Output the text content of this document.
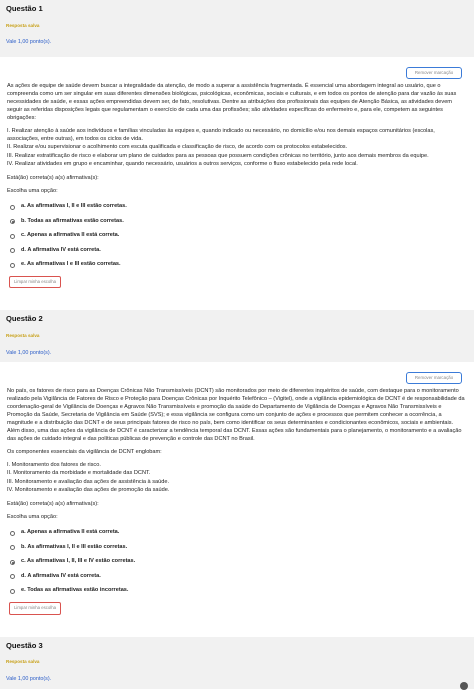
Questão 1
Resposta salva
Vale 1,00 ponto(s).
Remover marcação
As ações de equipe de saúde devem buscar a integralidade da atenção, de modo a superar a assistência fragmentada. É essencial uma abordagem integral ao usuário, que o compreenda como um ser singular em suas diferentes dimensões biológicas, psicológicas, econômicas, sociais e culturais, e em todos os pontos de atenção para dar vazão às suas necessidades de saúde, e essas ações empreendidas devem ser, de fato, resolutivas. Dentre as atribuições dos profissionais das equipes de Atenção Básica, as atividades devem seguir as referidas disposições legais que regulamentam o exercício de cada uma das profissões; são atividades específicas do enfermeiro e, para ele, competem as seguintes obrigações:
I. Realizar atenção à saúde aos indivíduos e famílias vinculadas às equipes e, quando indicado ou necessário, no domicílio e/ou nos demais espaços comunitários (escolas, associações, entre outras), em todos os ciclos de vida.
II. Realizar e/ou supervisionar o acolhimento com escuta qualificada e classificação de risco, de acordo com os protocolos estabelecidos.
III. Realizar estratificação de risco e elaborar um plano de cuidados para as pessoas que possuem condições crônicas no território, junto aos demais membros da equipe.
IV. Realizar atividades em grupo e encaminhar, quando necessário, usuários a outros serviços, conforme o fluxo estabelecido pela rede local.
Está(ão) correta(s) a(s) afirmativa(s):
Escolha uma opção:
a. As afirmativas I, II e III estão corretas.
b. Todas as afirmativas estão corretas.
c. Apenas a afirmativa II está correta.
d. A afirmativa IV está correta.
e. As afirmativas I e III estão corretas.
Limpar minha escolha
Questão 2
Resposta salva
Vale 1,00 ponto(s).
Remover marcação
No país, os fatores de risco para as Doenças Crônicas Não Transmissíveis (DCNT) são monitorados por meio de diferentes inquéritos de saúde, com destaque para o monitoramento realizado pela Vigilância de Fatores de Risco e Proteção para Doenças Crônicas por Inquérito Telefônico – (Vigitel), onde a vigilância epidemiológica de DCNT é de responsabilidade da coordenação-geral de Vigilância de Doenças e Agravos Não Transmissíveis e promoção da saúde do Departamento de Vigilância de Doenças e Agravos Não Transmissíveis e Promoção da Saúde, Secretaria de Vigilância em Saúde (SVS); e essa vigilância se configura como um conjunto de ações e processos que permitem conhecer a ocorrência, a magnitude e a distribuição das DCNT e de seus principais fatores de risco no país, bem como identificar os seus determinantes e condicionantes econômicos, sociais e ambientais. Além disso, uma das ações da vigilância de DCNT é caracterizar a tendência temporal das DCNT. Essas ações são fundamentais para o planejamento, o monitoramento e a avaliação das ações de cuidado integral e das políticas públicas de prevenção e controle das DCNT no Brasil.
Os componentes essenciais da vigilância de DCNT englobam:
I. Monitoramento dos fatores de risco.
II. Monitoramento da morbidade e mortalidade das DCNT.
III. Monitoramento e avaliação das ações de assistência à saúde.
IV. Monitoramento e avaliação das ações de promoção da saúde.
Está(ão) correta(s) a(s) afirmativa(s):
Escolha uma opção:
a. Apenas a afirmativa II está correta.
b. As afirmativas I, II e III estão corretas.
c. As afirmativas I, II, III e IV estão corretas.
d. A afirmativa IV está correta.
e. Todas as afirmativas estão incorretas.
Limpar minha escolha
Questão 3
Resposta salva
Vale 1,00 ponto(s).
